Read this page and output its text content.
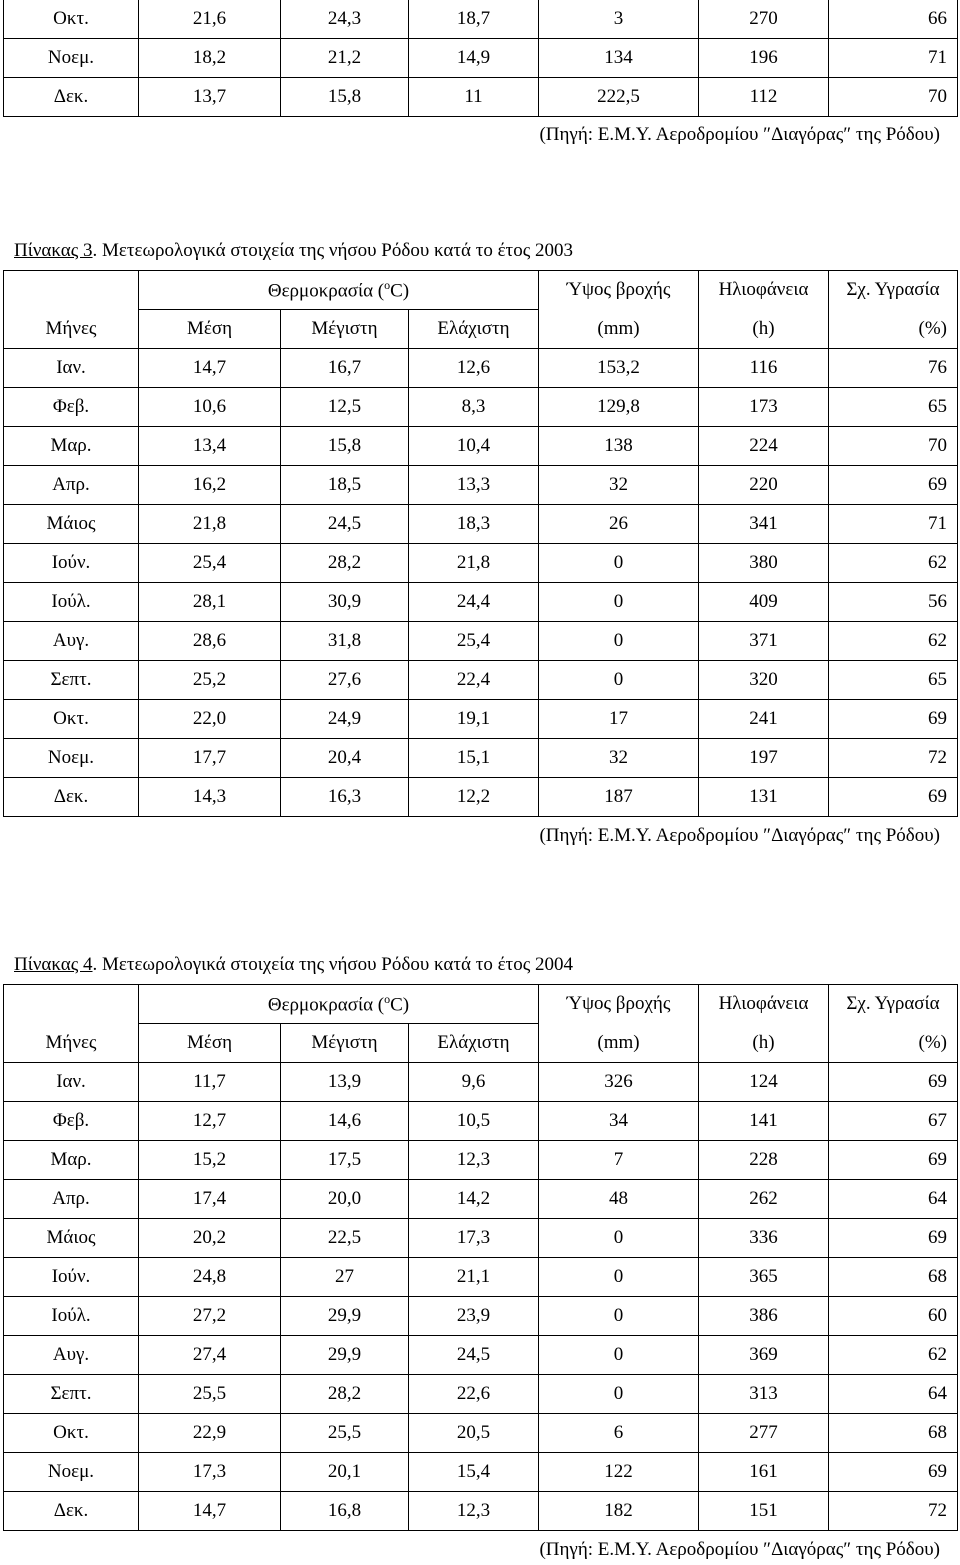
Οκτ.	21,6	24,3	18,7	3	270	66
Νοεμ.	18,2	21,2	14,9	134	196	71
Δεκ.	13,7	15,8	11	222,5	112	70
(Πηγή: Ε.Μ.Υ. Αεροδρομίου ″Διαγόρας″ της Ρόδου)
Πίνακας 3. Μετεωρολογικά στοιχεία της νήσου Ρόδου κατά το έτος 2003
	Θερμοκρασία ($^o$C)			Ύψος βροχής	Ηλιοφάνεια	Σχ. Υγρασία
Μήνες	Μέση	Μέγιστη	Ελάχιστη	(mm)	(h)	(%)
Ιαν.	14,7	16,7	12,6	153,2	116	76
Φεβ.	10,6	12,5	8,3	129,8	173	65
Μαρ.	13,4	15,8	10,4	138	224	70
Απρ.	16,2	18,5	13,3	32	220	69
Μάιος	21,8	24,5	18,3	26	341	71
Ιούν.	25,4	28,2	21,8	0	380	62
Ιούλ.	28,1	30,9	24,4	0	409	56
Αυγ.	28,6	31,8	25,4	0	371	62
Σεπτ.	25,2	27,6	22,4	0	320	65
Οκτ.	22,0	24,9	19,1	17	241	69
Νοεμ.	17,7	20,4	15,1	32	197	72
Δεκ.	14,3	16,3	12,2	187	131	69
(Πηγή: Ε.Μ.Υ. Αεροδρομίου ″Διαγόρας″ της Ρόδου)
Πίνακας 4. Μετεωρολογικά στοιχεία της νήσου Ρόδου κατά το έτος 2004
	Θερμοκρασία ($^o$C)			Ύψος βροχής	Ηλιοφάνεια	Σχ. Υγρασία
Μήνες	Μέση	Μέγιστη	Ελάχιστη	(mm)	(h)	(%)
Ιαν.	11,7	13,9	9,6	326	124	69
Φεβ.	12,7	14,6	10,5	34	141	67
Μαρ.	15,2	17,5	12,3	7	228	69
Απρ.	17,4	20,0	14,2	48	262	64
Μάιος	20,2	22,5	17,3	0	336	69
Ιούν.	24,8	27	21,1	0	365	68
Ιούλ.	27,2	29,9	23,9	0	386	60
Αυγ.	27,4	29,9	24,5	0	369	62
Σεπτ.	25,5	28,2	22,6	0	313	64
Οκτ.	22,9	25,5	20,5	6	277	68
Νοεμ.	17,3	20,1	15,4	122	161	69
Δεκ.	14,7	16,8	12,3	182	151	72
(Πηγή: Ε.Μ.Υ. Αεροδρομίου ″Διαγόρας″ της Ρόδου)
